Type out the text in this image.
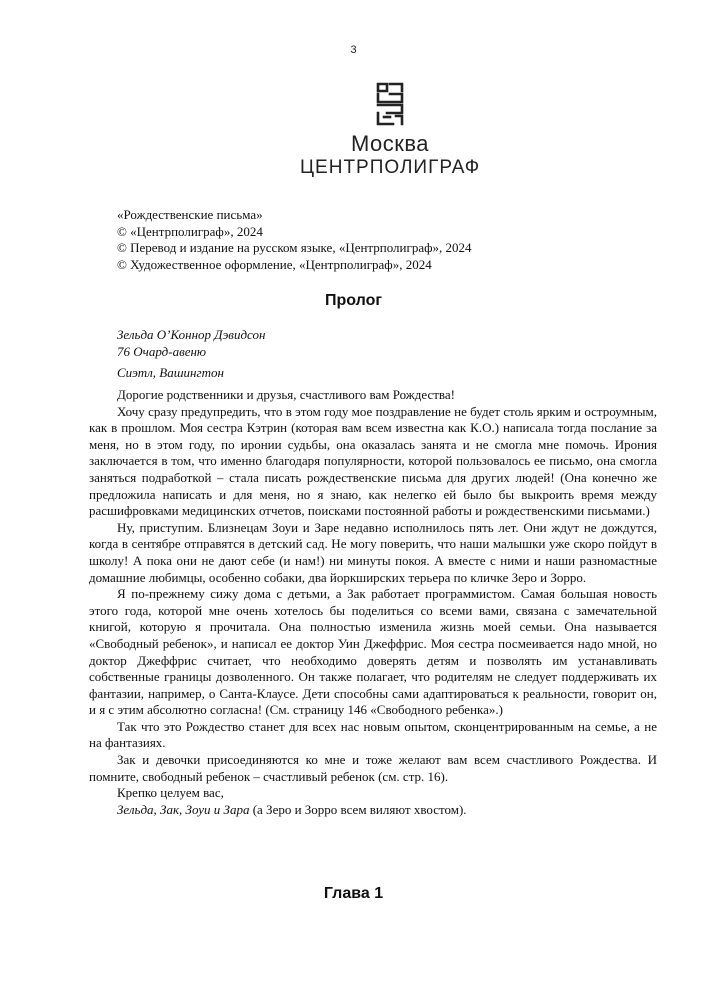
3
Москва
ЦЕНТРПОЛИГРАФ
«Рождественские письма»
© «Центрполиграф», 2024
© Перевод и издание на русском языке, «Центрполиграф», 2024
© Художественное оформление, «Центрполиграф», 2024
Пролог
Зельда О’Коннор Дэвидсон
76 Очард-авеню
Сиэтл, Вашингтон

Дорогие родственники и друзья, счастливого вам Рождества!

Хочу сразу предупредить, что в этом году мое поздравление не будет столь ярким и остроумным, как в прошлом. Моя сестра Кэтрин (которая вам всем известна как К.О.) написала тогда послание за меня, но в этом году, по иронии судьбы, она оказалась занята и не смогла мне помочь. Ирония заключается в том, что именно благодаря популярности, которой пользовалось ее письмо, она смогла заняться подработкой – стала писать рождественские письма для других людей! (Она конечно же предложила написать и для меня, но я знаю, как нелегко ей было бы выкроить время между расшифровками медицинских отчетов, поисками постоянной работы и рождественскими письмами.)

Ну, приступим. Близнецам Зоуи и Заре недавно исполнилось пять лет. Они ждут не дождутся, когда в сентябре отправятся в детский сад. Не могу поверить, что наши малышки уже скоро пойдут в школу! А пока они не дают себе (и нам!) ни минуты покоя. А вместе с ними и наши разномастные домашние любимцы, особенно собаки, два йоркширских терьера по кличке Зеро и Зорро.

Я по-прежнему сижу дома с детьми, а Зак работает программистом. Самая большая новость этого года, которой мне очень хотелось бы поделиться со всеми вами, связана с замечательной книгой, которую я прочитала. Она полностью изменила жизнь моей семьи. Она называется «Свободный ребенок», и написал ее доктор Уин Джеффрис. Моя сестра посмеивается надо мной, но доктор Джеффрис считает, что необходимо доверять детям и позволять им устанавливать собственные границы дозволенного. Он также полагает, что родителям не следует поддерживать их фантазии, например, о Санта-Клаусе. Дети способны сами адаптироваться к реальности, говорит он, и я с этим абсолютно согласна! (См. страницу 146 «Свободного ребенка».)

Так что это Рождество станет для всех нас новым опытом, сконцентрированным на семье, а не на фантазиях.

Зак и девочки присоединяются ко мне и тоже желают вам всем счастливого Рождества. И помните, свободный ребенок – счастливый ребенок (см. стр. 16).

Крепко целуем вас,

Зельда, Зак, Зоуи и Зара (а Зеро и Зорро всем виляют хвостом).

Глава 1
